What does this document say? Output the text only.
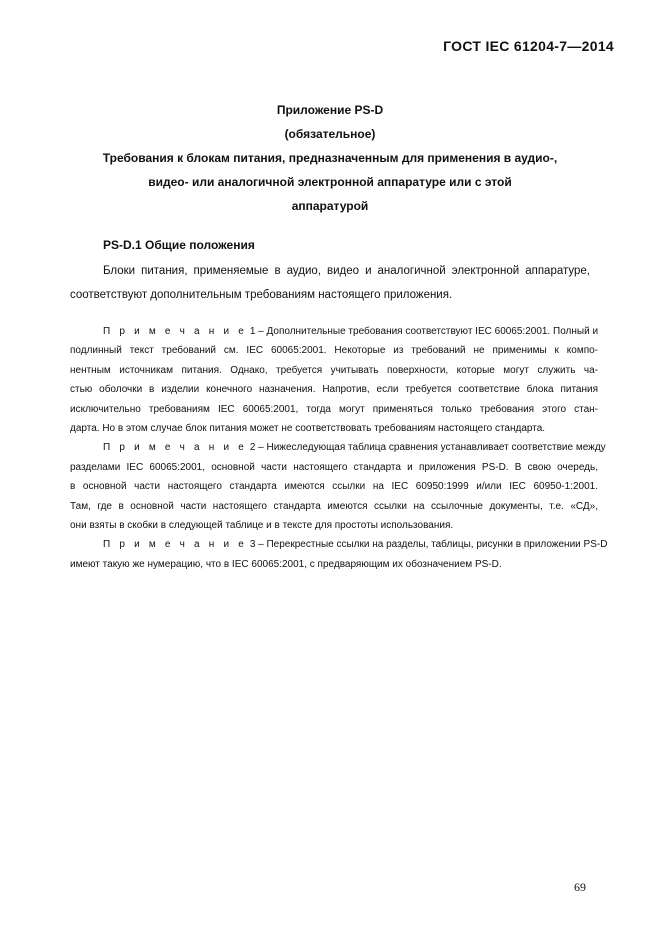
ГОСТ IEC 61204-7—2014
Приложение PS-D
(обязательное)
Требования к блокам питания, предназначенным для применения в аудио-,
видео- или аналогичной электронной аппаратуре или с этой
аппаратурой
PS-D.1 Общие положения
Блоки питания, применяемые в аудио, видео и аналогичной электронной аппаратуре,
соответствуют дополнительным требованиям настоящего приложения.
П р и м е ч а н и е 1 – Дополнительные требования соответствуют IEC 60065:2001. Полный и
подлинный текст требований см. IEC 60065:2001. Некоторые из требований не применимы к компо-
нентным источникам питания. Однако, требуется учитывать поверхности, которые могут служить ча-
стью оболочки в изделии конечного назначения. Напротив, если требуется соответствие блока питания
исключительно требованиям IEC 60065:2001, тогда могут применяться только требования этого стан-
дарта. Но в этом случае блок питания может не соответствовать требованиям настоящего стандарта.
П р и м е ч а н и е 2 – Нижеследующая таблица сравнения устанавливает соответствие между
разделами IEC 60065:2001, основной части настоящего стандарта и приложения PS-D. В свою очередь,
в основной части настоящего стандарта имеются ссылки на IEC 60950:1999 и/или IEC 60950-1:2001.
Там, где в основной части настоящего стандарта имеются ссылки на ссылочные документы, т.е. «СД»,
они взяты в скобки в следующей таблице и в тексте для простоты использования.
П р и м е ч а н и е 3 – Перекрестные ссылки на разделы, таблицы, рисунки в приложении PS-D
имеют такую же нумерацию, что в IEC 60065:2001, с предваряющим их обозначением PS-D.
69
